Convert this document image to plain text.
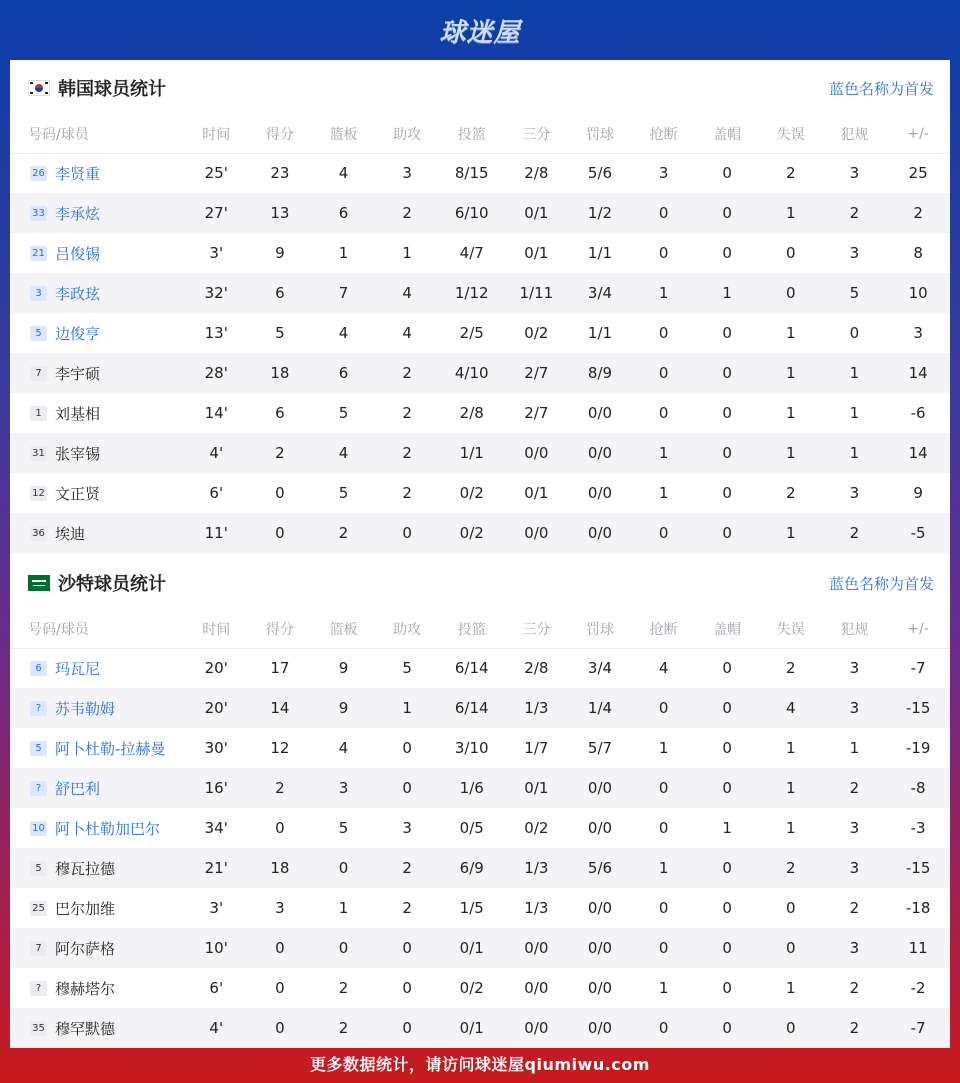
球迷屋
韩国球员统计	蓝色名称为首发
号码/球员	时间	得分	篮板	助攻	投篮	三分	罚球	抢断	盖帽	失误	犯规	+/-
26 李贤重	25'	23	4	3	8/15	2/8	5/6	3	0	2	3	25
33 李承炫	27'	13	6	2	6/10	0/1	1/2	0	0	1	2	2
21 吕俊锡	3'	9	1	1	4/7	0/1	1/1	0	0	0	3	8
3 李政玹	32'	6	7	4	1/12	1/11	3/4	1	1	0	5	10
5 边俊亨	13'	5	4	4	2/5	0/2	1/1	0	0	1	0	3
7 李宇硕	28'	18	6	2	4/10	2/7	8/9	0	0	1	1	14
1 刘基相	14'	6	5	2	2/8	2/7	0/0	0	0	1	1	-6
31 张宰锡	4'	2	4	2	1/1	0/0	0/0	1	0	1	1	14
12 文正贤	6'	0	5	2	0/2	0/1	0/0	1	0	2	3	9
36 埃迪	11'	0	2	0	0/2	0/0	0/0	0	0	1	2	-5
沙特球员统计	蓝色名称为首发
号码/球员	时间	得分	篮板	助攻	投篮	三分	罚球	抢断	盖帽	失误	犯规	+/-
6 玛瓦尼	20'	17	9	5	6/14	2/8	3/4	4	0	2	3	-7
? 苏韦勒姆	20'	14	9	1	6/14	1/3	1/4	0	0	4	3	-15
5 阿卜杜勒-拉赫曼	30'	12	4	0	3/10	1/7	5/7	1	0	1	1	-19
? 舒巴利	16'	2	3	0	1/6	0/1	0/0	0	0	1	2	-8
10 阿卜杜勒加巴尔	34'	0	5	3	0/5	0/2	0/0	0	1	1	3	-3
5 穆瓦拉德	21'	18	0	2	6/9	1/3	5/6	1	0	2	3	-15
25 巴尔加维	3'	3	1	2	1/5	1/3	0/0	0	0	0	2	-18
7 阿尔萨格	10'	0	0	0	0/1	0/0	0/0	0	0	0	3	11
? 穆赫塔尔	6'	0	2	0	0/2	0/0	0/0	1	0	1	2	-2
35 穆罕默德	4'	0	2	0	0/1	0/0	0/0	0	0	0	2	-7
更多数据统计，请访问球迷屋qiumiwu.com
